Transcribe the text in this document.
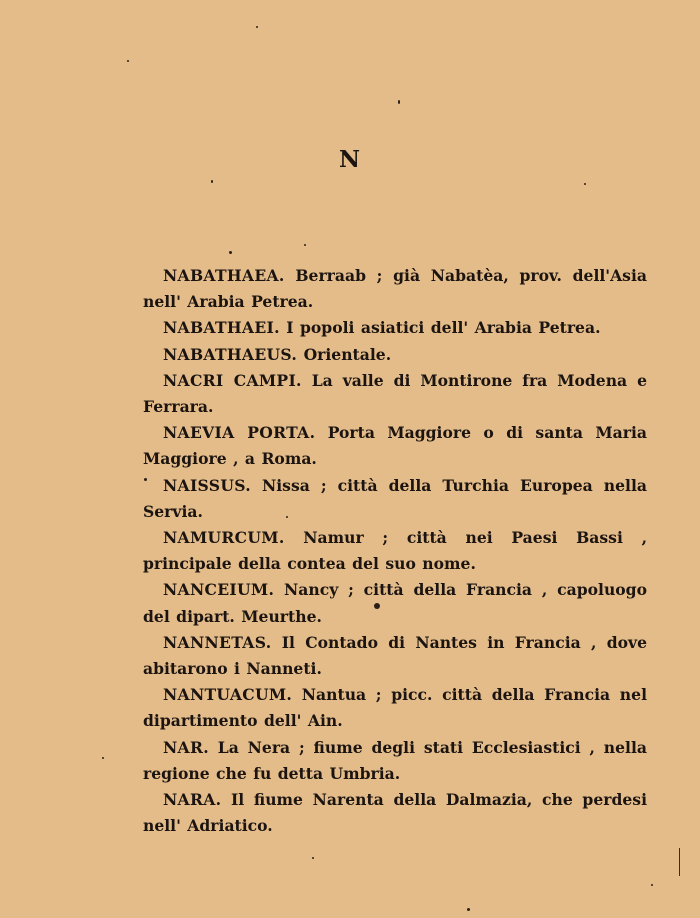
N

NABATHAEA. Berraab ; già Nabatèa, prov. dell'Asia nell' Arabia Petrea.

NABATHAEI. I popoli asiatici dell' Arabia Petrea.

NABATHAEUS. Orientale.

NACRI CAMPI. La valle di Montirone fra Modena e Ferrara.

NAEVIA PORTA. Porta Maggiore o di santa Maria Maggiore , a Roma.

NAISSUS. Nissa ; città della Turchia Europea nella Servia.

NAMURCUM. Namur ; città nei Paesi Bassi , principale della contea del suo nome.

NANCEIUM. Nancy ; città della Francia , capoluogo del dipart. Meurthe.

NANNETAS. Il Contado di Nantes in Francia , dove abitarono i Nanneti.

NANTUACUM. Nantua ; picc. città della Francia nel dipartimento dell' Ain.

NAR. La Nera ; fiume degli stati Ecclesiastici , nella regione che fu detta Umbria.

NARA. Il fiume Narenta della Dalmazia, che perdesi nell' Adriatico.
